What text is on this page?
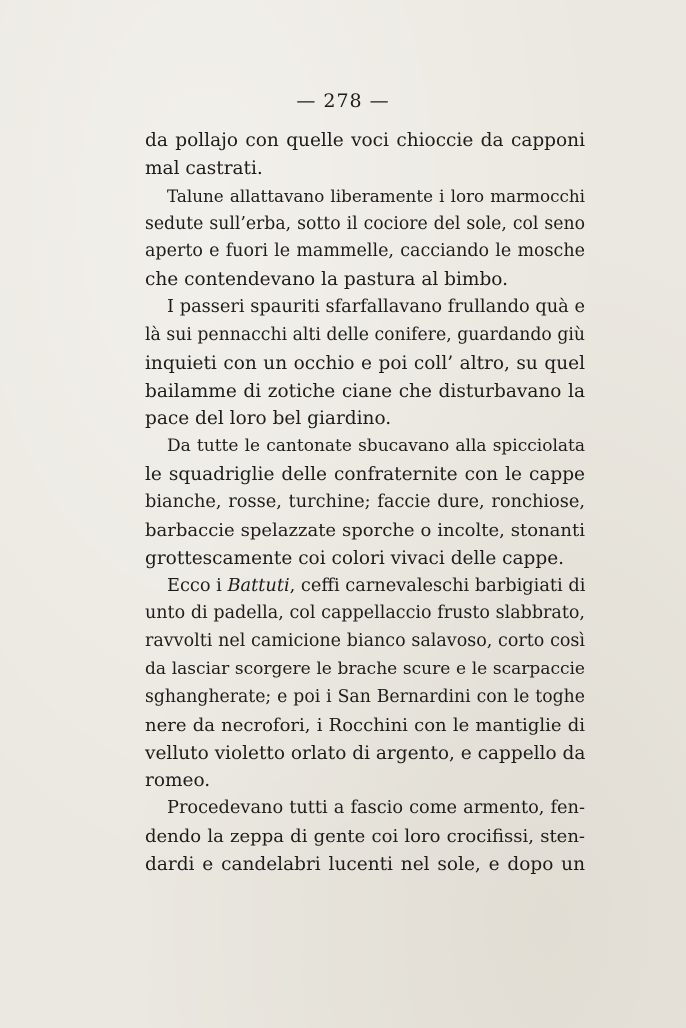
— 278 —
da pollajo con quelle voci chioccie da capponi
mal castrati.
Talune allattavano liberamente i loro marmocchi
sedute sull’erba, sotto il cociore del sole, col seno
aperto e fuori le mammelle, cacciando le mosche
che contendevano la pastura al bimbo.
I passeri spauriti sfarfallavano frullando quà e
là sui pennacchi alti delle conifere, guardando giù
inquieti con un occhio e poi coll’ altro, su quel
bailamme di zotiche ciane che disturbavano la
pace del loro bel giardino.
Da tutte le cantonate sbucavano alla spicciolata
le squadriglie delle confraternite con le cappe
bianche, rosse, turchine; faccie dure, ronchiose,
barbaccie spelazzate sporche o incolte, stonanti
grottescamente coi colori vivaci delle cappe.
Ecco i Battuti, ceffi carnevaleschi barbigiati di
unto di padella, col cappellaccio frusto slabbrato,
ravvolti nel camicione bianco salavoso, corto così
da lasciar scorgere le brache scure e le scarpaccie
sghangherate; e poi i San Bernardini con le toghe
nere da necrofori, i Rocchini con le mantiglie di
velluto violetto orlato di argento, e cappello da
romeo.
Procedevano tutti a fascio come armento, fen-
dendo la zeppa di gente coi loro crocifissi, sten-
dardi e candelabri lucenti nel sole, e dopo un
